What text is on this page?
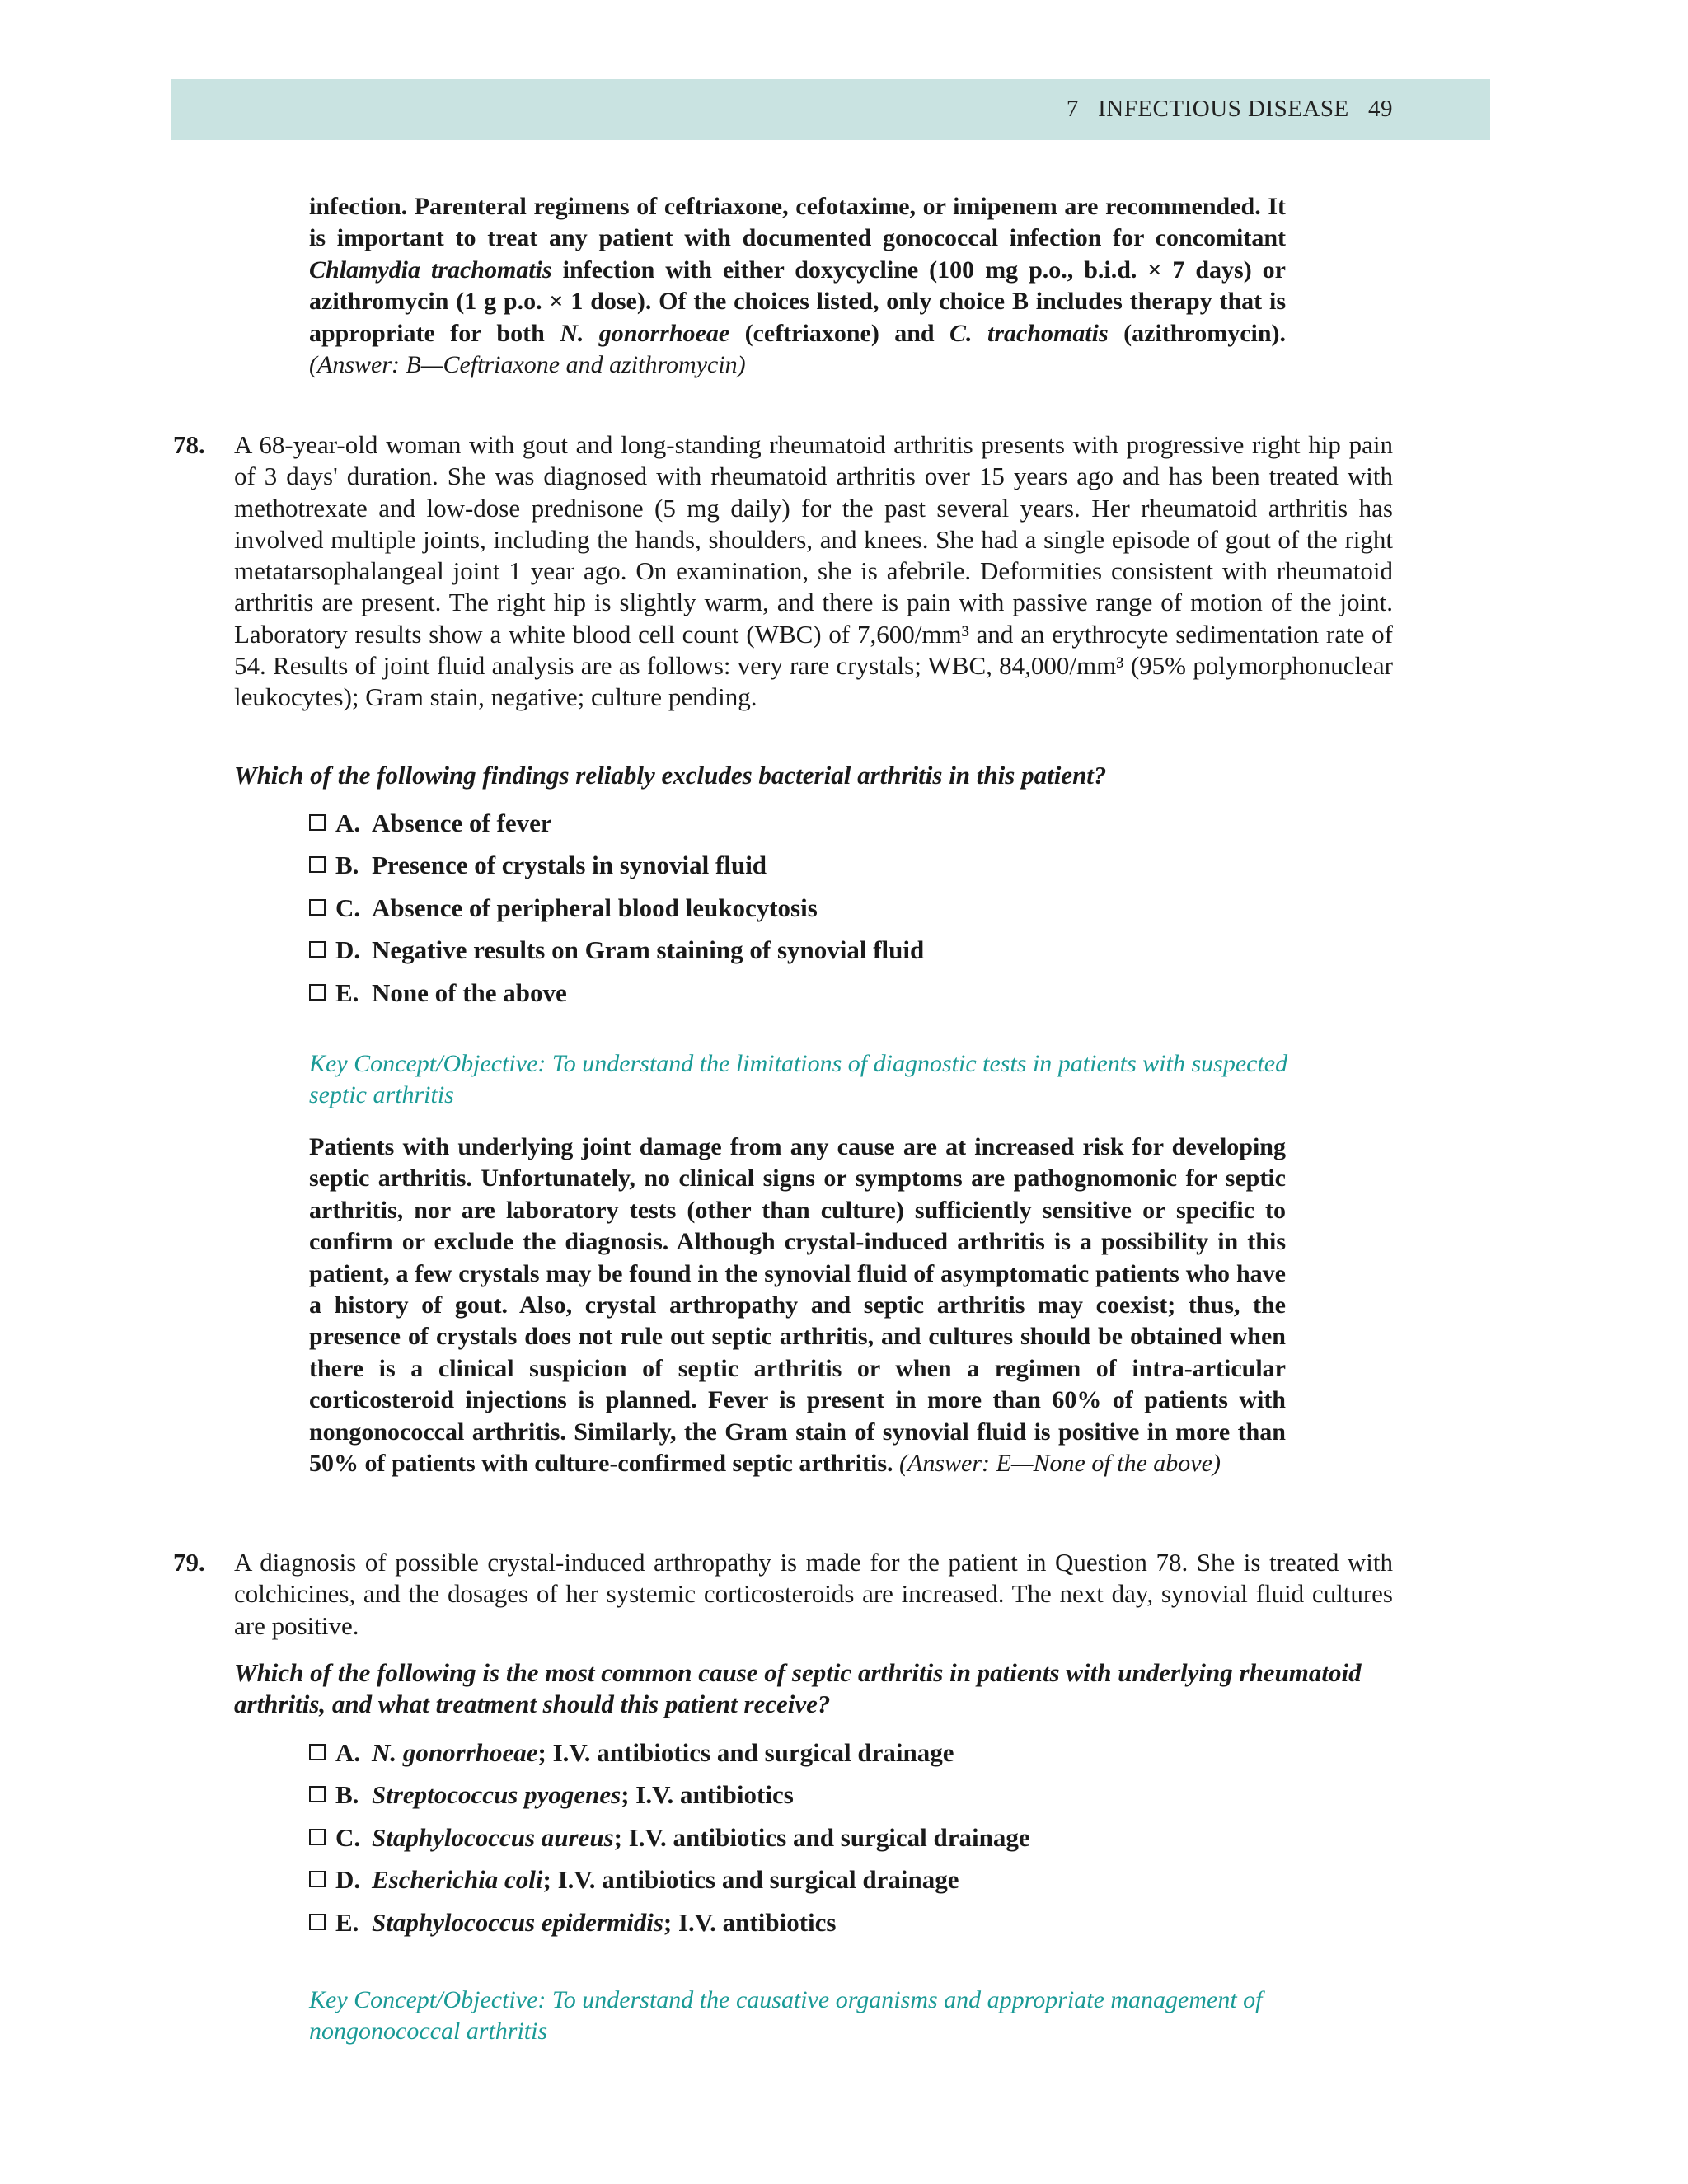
7   INFECTIOUS DISEASE   49
infection. Parenteral regimens of ceftriaxone, cefotaxime, or imipenem are recommended. It is important to treat any patient with documented gonococcal infection for concomitant Chlamydia trachomatis infection with either doxycycline (100 mg p.o., b.i.d. × 7 days) or azithromycin (1 g p.o. × 1 dose). Of the choices listed, only choice B includes therapy that is appropriate for both N. gonorrhoeae (ceftriaxone) and C. trachomatis (azithromycin). (Answer: B—Ceftriaxone and azithromycin)
78.	A 68-year-old woman with gout and long-standing rheumatoid arthritis presents with progressive right hip pain of 3 days' duration. She was diagnosed with rheumatoid arthritis over 15 years ago and has been treated with methotrexate and low-dose prednisone (5 mg daily) for the past several years. Her rheumatoid arthritis has involved multiple joints, including the hands, shoulders, and knees. She had a single episode of gout of the right metatarsophalangeal joint 1 year ago. On examination, she is afebrile. Deformities consistent with rheumatoid arthritis are present. The right hip is slightly warm, and there is pain with passive range of motion of the joint. Laboratory results show a white blood cell count (WBC) of 7,600/mm³ and an erythrocyte sedimentation rate of 54. Results of joint fluid analysis are as follows: very rare crystals; WBC, 84,000/mm³ (95% polymorphonuclear leukocytes); Gram stain, negative; culture pending.
Which of the following findings reliably excludes bacterial arthritis in this patient?
A. Absence of fever
B. Presence of crystals in synovial fluid
C. Absence of peripheral blood leukocytosis
D. Negative results on Gram staining of synovial fluid
E. None of the above
Key Concept/Objective: To understand the limitations of diagnostic tests in patients with suspected septic arthritis
Patients with underlying joint damage from any cause are at increased risk for developing septic arthritis. Unfortunately, no clinical signs or symptoms are pathognomonic for septic arthritis, nor are laboratory tests (other than culture) sufficiently sensitive or specific to confirm or exclude the diagnosis. Although crystal-induced arthritis is a possibility in this patient, a few crystals may be found in the synovial fluid of asymptomatic patients who have a history of gout. Also, crystal arthropathy and septic arthritis may coexist; thus, the presence of crystals does not rule out septic arthritis, and cultures should be obtained when there is a clinical suspicion of septic arthritis or when a regimen of intra-articular corticosteroid injections is planned. Fever is present in more than 60% of patients with nongonococcal arthritis. Similarly, the Gram stain of synovial fluid is positive in more than 50% of patients with culture-confirmed septic arthritis. (Answer: E—None of the above)
79.	A diagnosis of possible crystal-induced arthropathy is made for the patient in Question 78. She is treated with colchicines, and the dosages of her systemic corticosteroids are increased. The next day, synovial fluid cultures are positive.
Which of the following is the most common cause of septic arthritis in patients with underlying rheumatoid arthritis, and what treatment should this patient receive?
A. N. gonorrhoeae; I.V. antibiotics and surgical drainage
B. Streptococcus pyogenes; I.V. antibiotics
C. Staphylococcus aureus; I.V. antibiotics and surgical drainage
D. Escherichia coli; I.V. antibiotics and surgical drainage
E. Staphylococcus epidermidis; I.V. antibiotics
Key Concept/Objective: To understand the causative organisms and appropriate management of nongonococcal arthritis
